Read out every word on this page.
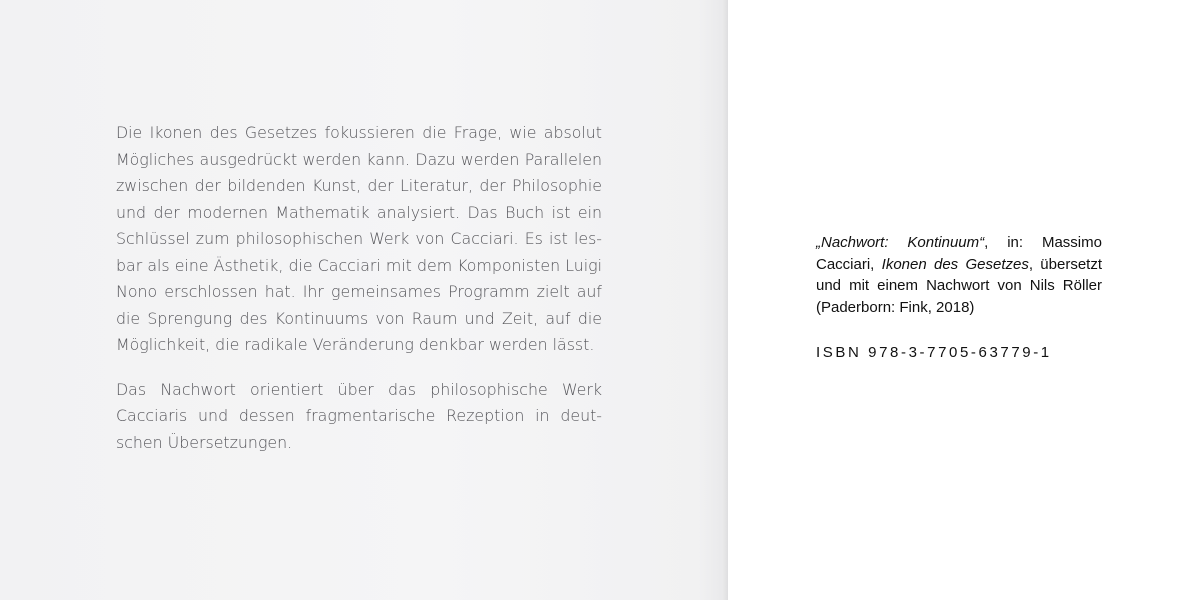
Die Ikonen des Gesetzes fokussieren die Frage, wie absolut Mögliches ausgedrückt werden kann. Dazu werden Parallelen zwischen der bildenden Kunst, der Literatur, der Philosophie und der modernen Mathematik analysiert. Das Buch ist ein Schlüssel zum philosophischen Werk von Cacciari. Es ist lesbar als eine Ästhetik, die Cacciari mit dem Komponisten Luigi Nono erschlossen hat. Ihr gemeinsames Programm zielt auf die Sprengung des Kontinuums von Raum und Zeit, auf die Möglichkeit, die radikale Veränderung denkbar werden lässt.

Das Nachwort orientiert über das philosophische Werk Cacciaris und dessen fragmentarische Rezeption in deutschen Übersetzungen.

„Nachwort: Kontinuum“, in: Massimo Cacciari, Ikonen des Gesetzes, übersetzt und mit einem Nachwort von Nils Röller (Paderborn: Fink, 2018)
ISBN 978-3-7705-63779-1
